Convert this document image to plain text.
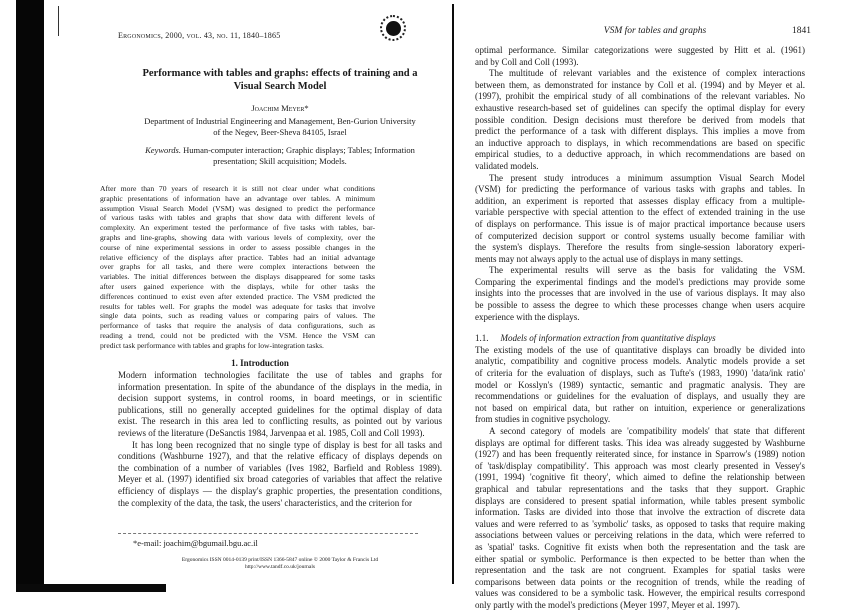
Ergonomics, 2000, vol. 43, no. 11, 1840–1865
Performance with tables and graphs: effects of training and a
Visual Search Model
Joachim Meyer*
Department of Industrial Engineering and Management, Ben-Gurion University
of the Negev, Beer-Sheva 84105, Israel
Keywords. Human-computer interaction; Graphic displays; Tables; Information
presentation; Skill acquisition; Models.
After more than 70 years of research it is still not clear under what conditions
graphic presentations of information have an advantage over tables. A minimum
assumption Visual Search Model (VSM) was designed to predict the performance
of various tasks with tables and graphs that show data with different levels of
complexity. An experiment tested the performance of five tasks with tables, bar-
graphs and line-graphs, showing data with various levels of complexity, over the
course of nine experimental sessions in order to assess possible changes in the
relative efficiency of the displays after practice. Tables had an initial advantage
over graphs for all tasks, and there were complex interactions between the
variables. The initial differences between the displays disappeared for some tasks
after users gained experience with the displays, while for other tasks the
differences continued to exist even after extended practice. The VSM predicted the
results for tables well. For graphs the model was adequate for tasks that involve
single data points, such as reading values or comparing pairs of values. The
performance of tasks that require the analysis of data configurations, such as
reading a trend, could not be predicted with the VSM. Hence the VSM can
predict task performance with tables and graphs for low-integration tasks.
1. Introduction
Modern information technologies facilitate the use of tables and graphs for
information presentation. In spite of the abundance of the displays in the media, in
decision support systems, in control rooms, in board meetings, or in scientific
publications, still no generally accepted guidelines for the optimal display of data
exist. The research in this area led to conflicting results, as pointed out by various
reviews of the literature (DeSanctis 1984, Jarvenpaa et al. 1985, Coll and Coll 1993).
It has long been recognized that no single type of display is best for all tasks and
conditions (Washburne 1927), and that the relative efficacy of displays depends on
the combination of a number of variables (Ives 1982, Barfield and Robless 1989).
Meyer et al. (1997) identified six broad categories of variables that affect the relative
efficiency of displays — the display's graphic properties, the presentation conditions,
the complexity of the data, the task, the users' characteristics, and the criterion for
*e-mail: joachim@bgumail.bgu.ac.il
Ergonomics ISSN 0014-0139 print/ISSN 1366-5847 online © 2000 Taylor & Francis Ltd
http://www.tandf.co.uk/journals
VSM for tables and graphs	1841
optimal performance. Similar categorizations were suggested by Hitt et al. (1961)
and by Coll and Coll (1993).
The multitude of relevant variables and the existence of complex interactions
between them, as demonstrated for instance by Coll et al. (1994) and by Meyer et al.
(1997), prohibit the empirical study of all combinations of the relevant variables. No
exhaustive research-based set of guidelines can specify the optimal display for every
possible condition. Design decisions must therefore be derived from models that
predict the performance of a task with different displays. This implies a move from
an inductive approach to displays, in which recommendations are based on specific
empirical studies, to a deductive approach, in which recommendations are based on
validated models.
The present study introduces a minimum assumption Visual Search Model
(VSM) for predicting the performance of various tasks with graphs and tables. In
addition, an experiment is reported that assesses display efficacy from a multiple-
variable perspective with special attention to the effect of extended training in the use
of displays on performance. This issue is of major practical importance because users
of computerized decision support or control systems usually become familiar with
the system's displays. Therefore the results from single-session laboratory experi-
ments may not always apply to the actual use of displays in many settings.
The experimental results will serve as the basis for validating the VSM.
Comparing the experimental findings and the model's predictions may provide some
insights into the processes that are involved in the use of various displays. It may also
be possible to assess the degree to which these processes change when users acquire
experience with the displays.
1.1. Models of information extraction from quantitative displays
The existing models of the use of quantitative displays can broadly be divided into
analytic, compatibility and cognitive process models. Analytic models provide a set
of criteria for the evaluation of displays, such as Tufte's (1983, 1990) 'data/ink ratio'
model or Kosslyn's (1989) syntactic, semantic and pragmatic analysis. They are
recommendations or guidelines for the evaluation of displays, and usually they are
not based on empirical data, but rather on intuition, experience or generalizations
from studies in cognitive psychology.
A second category of models are 'compatibility models' that state that different
displays are optimal for different tasks. This idea was already suggested by Washburne
(1927) and has been frequently reiterated since, for instance in Sparrow's (1989) notion
of 'task/display compatibility'. This approach was most clearly presented in Vessey's
(1991, 1994) 'cognitive fit theory', which aimed to define the relationship between
graphical and tabular representations and the tasks that they support. Graphic
displays are considered to present spatial information, while tables present symbolic
information. Tasks are divided into those that involve the extraction of discrete data
values and were referred to as 'symbolic' tasks, as opposed to tasks that require making
associations between values or perceiving relations in the data, which were referred to
as 'spatial' tasks. Cognitive fit exists when both the representation and the task are
either spatial or symbolic. Performance is then expected to be better than when the
representation and the task are not congruent. Examples for spatial tasks were
comparisons between data points or the recognition of trends, while the reading of
values was considered to be a symbolic task. However, the empirical results correspond
only partly with the model's predictions (Meyer 1997, Meyer et al. 1997).
